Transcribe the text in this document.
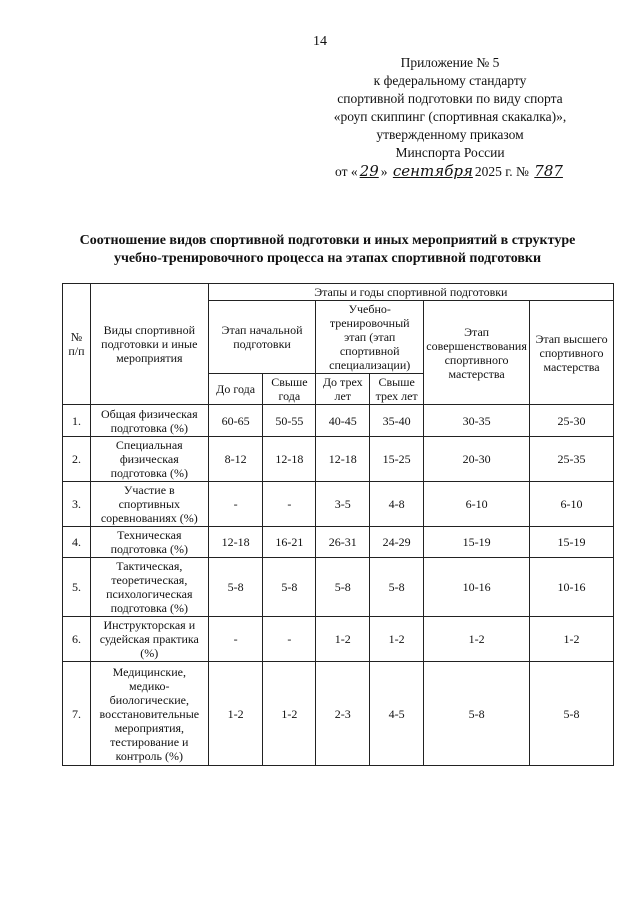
14
Приложение № 5
к федеральному стандарту
спортивной подготовки по виду спорта
«роуп скиппинг (спортивная скакалка)»,
утвержденному приказом
Минспорта России
от « 29 » сентября 2025 г. № 787
Соотношение видов спортивной подготовки и иных мероприятий в структуре
учебно-тренировочного процесса на этапах спортивной подготовки
№ п/п	Виды спортивной подготовки и иные мероприятия	Этапы и годы спортивной подготовки					
		Этап начальной подготовки		Учебно-тренировочный этап (этап спортивной специализации)		Этап совершенствования спортивного мастерства	Этап высшего спортивного мастерства
		До года	Свыше года	До трех лет	Свыше трех лет		
1.	Общая физическая подготовка (%)	60-65	50-55	40-45	35-40	30-35	25-30
2.	Специальная физическая подготовка (%)	8-12	12-18	12-18	15-25	20-30	25-35
3.	Участие в спортивных соревнованиях (%)	-	-	3-5	4-8	6-10	6-10
4.	Техническая подготовка (%)	12-18	16-21	26-31	24-29	15-19	15-19
5.	Тактическая, теоретическая, психологическая подготовка (%)	5-8	5-8	5-8	5-8	10-16	10-16
6.	Инструкторская и судейская практика (%)	-	-	1-2	1-2	1-2	1-2
7.	Медицинские, медико-биологические, восстановительные мероприятия, тестирование и контроль (%)	1-2	1-2	2-3	4-5	5-8	5-8
